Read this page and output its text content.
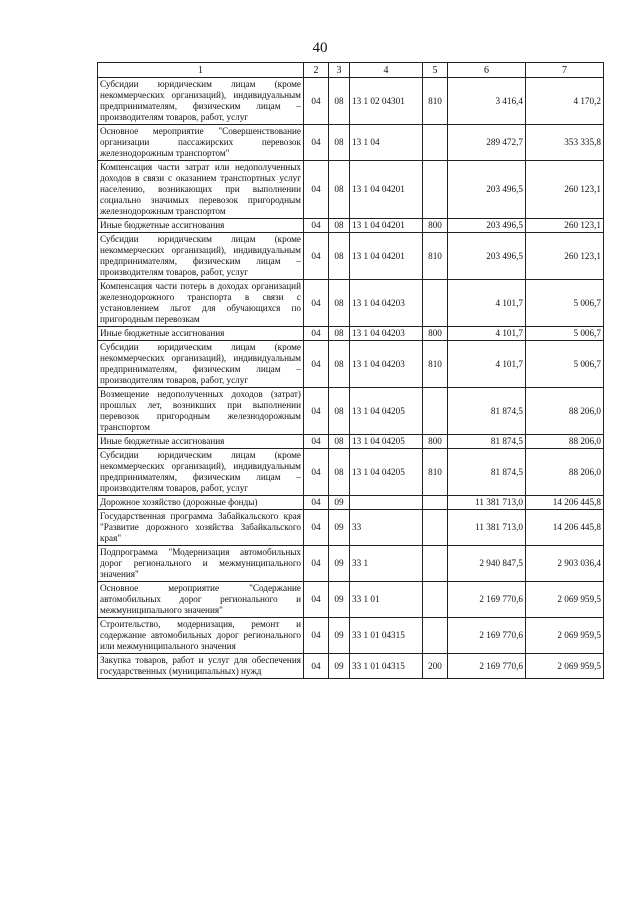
40
1	2	3	4	5	6	7
Субсидии юридическим лицам (кроме некоммерческих организаций), индивидуальным предпринимателям, физическим лицам – производителям товаров, работ, услуг	04	08	13 1 02 04301	810	3 416,4	4 170,2
Основное мероприятие "Совершенствование организации пассажирских перевозок железнодорожным транспортом"	04	08	13 1 04		289 472,7	353 335,8
Компенсация части затрат или недополученных доходов в связи с оказанием транспортных услуг населению, возникающих при выполнении социально значимых перевозок пригородным железнодорожным транспортом	04	08	13 1 04 04201		203 496,5	260 123,1
Иные бюджетные ассигнования	04	08	13 1 04 04201	800	203 496,5	260 123,1
Субсидии юридическим лицам (кроме некоммерческих организаций), индивидуальным предпринимателям, физическим лицам – производителям товаров, работ, услуг	04	08	13 1 04 04201	810	203 496,5	260 123,1
Компенсация части потерь в доходах организаций железнодорожного транспорта в связи с установлением льгот для обучающихся по пригородным перевозкам	04	08	13 1 04 04203		4 101,7	5 006,7
Иные бюджетные ассигнования	04	08	13 1 04 04203	800	4 101,7	5 006,7
Субсидии юридическим лицам (кроме некоммерческих организаций), индивидуальным предпринимателям, физическим лицам – производителям товаров, работ, услуг	04	08	13 1 04 04203	810	4 101,7	5 006,7
Возмещение недополученных доходов (затрат) прошлых лет, возникших при выполнении перевозок пригородным железнодорожным транспортом	04	08	13 1 04 04205		81 874,5	88 206,0
Иные бюджетные ассигнования	04	08	13 1 04 04205	800	81 874,5	88 206,0
Субсидии юридическим лицам (кроме некоммерческих организаций), индивидуальным предпринимателям, физическим лицам – производителям товаров, работ, услуг	04	08	13 1 04 04205	810	81 874,5	88 206,0
Дорожное хозяйство (дорожные фонды)	04	09			11 381 713,0	14 206 445,8
Государственная программа Забайкальского края "Развитие дорожного хозяйства Забайкальского края"	04	09	33		11 381 713,0	14 206 445,8
Подпрограмма "Модернизация автомобильных дорог регионального и межмуниципального значения"	04	09	33 1		2 940 847,5	2 903 036,4
Основное мероприятие "Содержание автомобильных дорог регионального и межмуниципального значения"	04	09	33 1 01		2 169 770,6	2 069 959,5
Строительство, модернизация, ремонт и содержание автомобильных дорог регионального или межмуниципального значения	04	09	33 1 01 04315		2 169 770,6	2 069 959,5
Закупка товаров, работ и услуг для обеспечения государственных (муниципальных) нужд	04	09	33 1 01 04315	200	2 169 770,6	2 069 959,5
